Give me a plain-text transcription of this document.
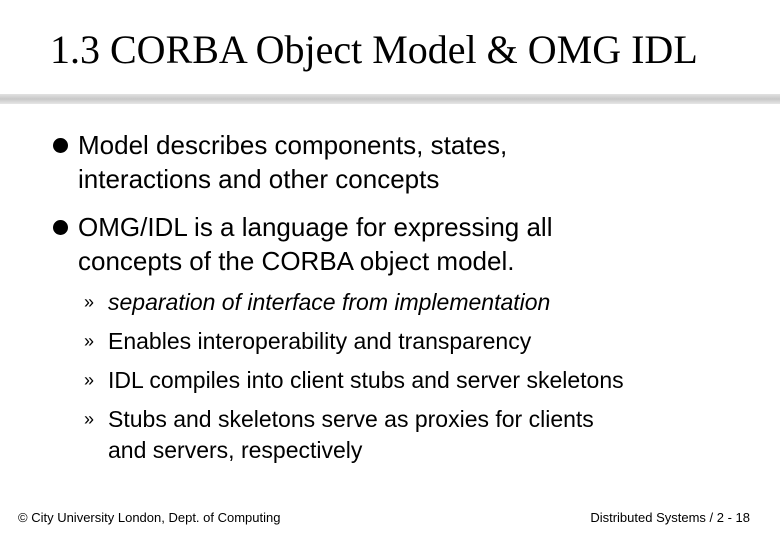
1.3 CORBA Object Model & OMG IDL
Model describes components, states,
interactions and other concepts
OMG/IDL is a language for expressing all
concepts of the CORBA object model.
» separation of interface from implementation
» Enables interoperability and transparency
» IDL compiles into client stubs and server skeletons
» Stubs and skeletons serve as proxies for clients
and servers, respectively
© City University London, Dept. of Computing	Distributed Systems / 2 - 18
